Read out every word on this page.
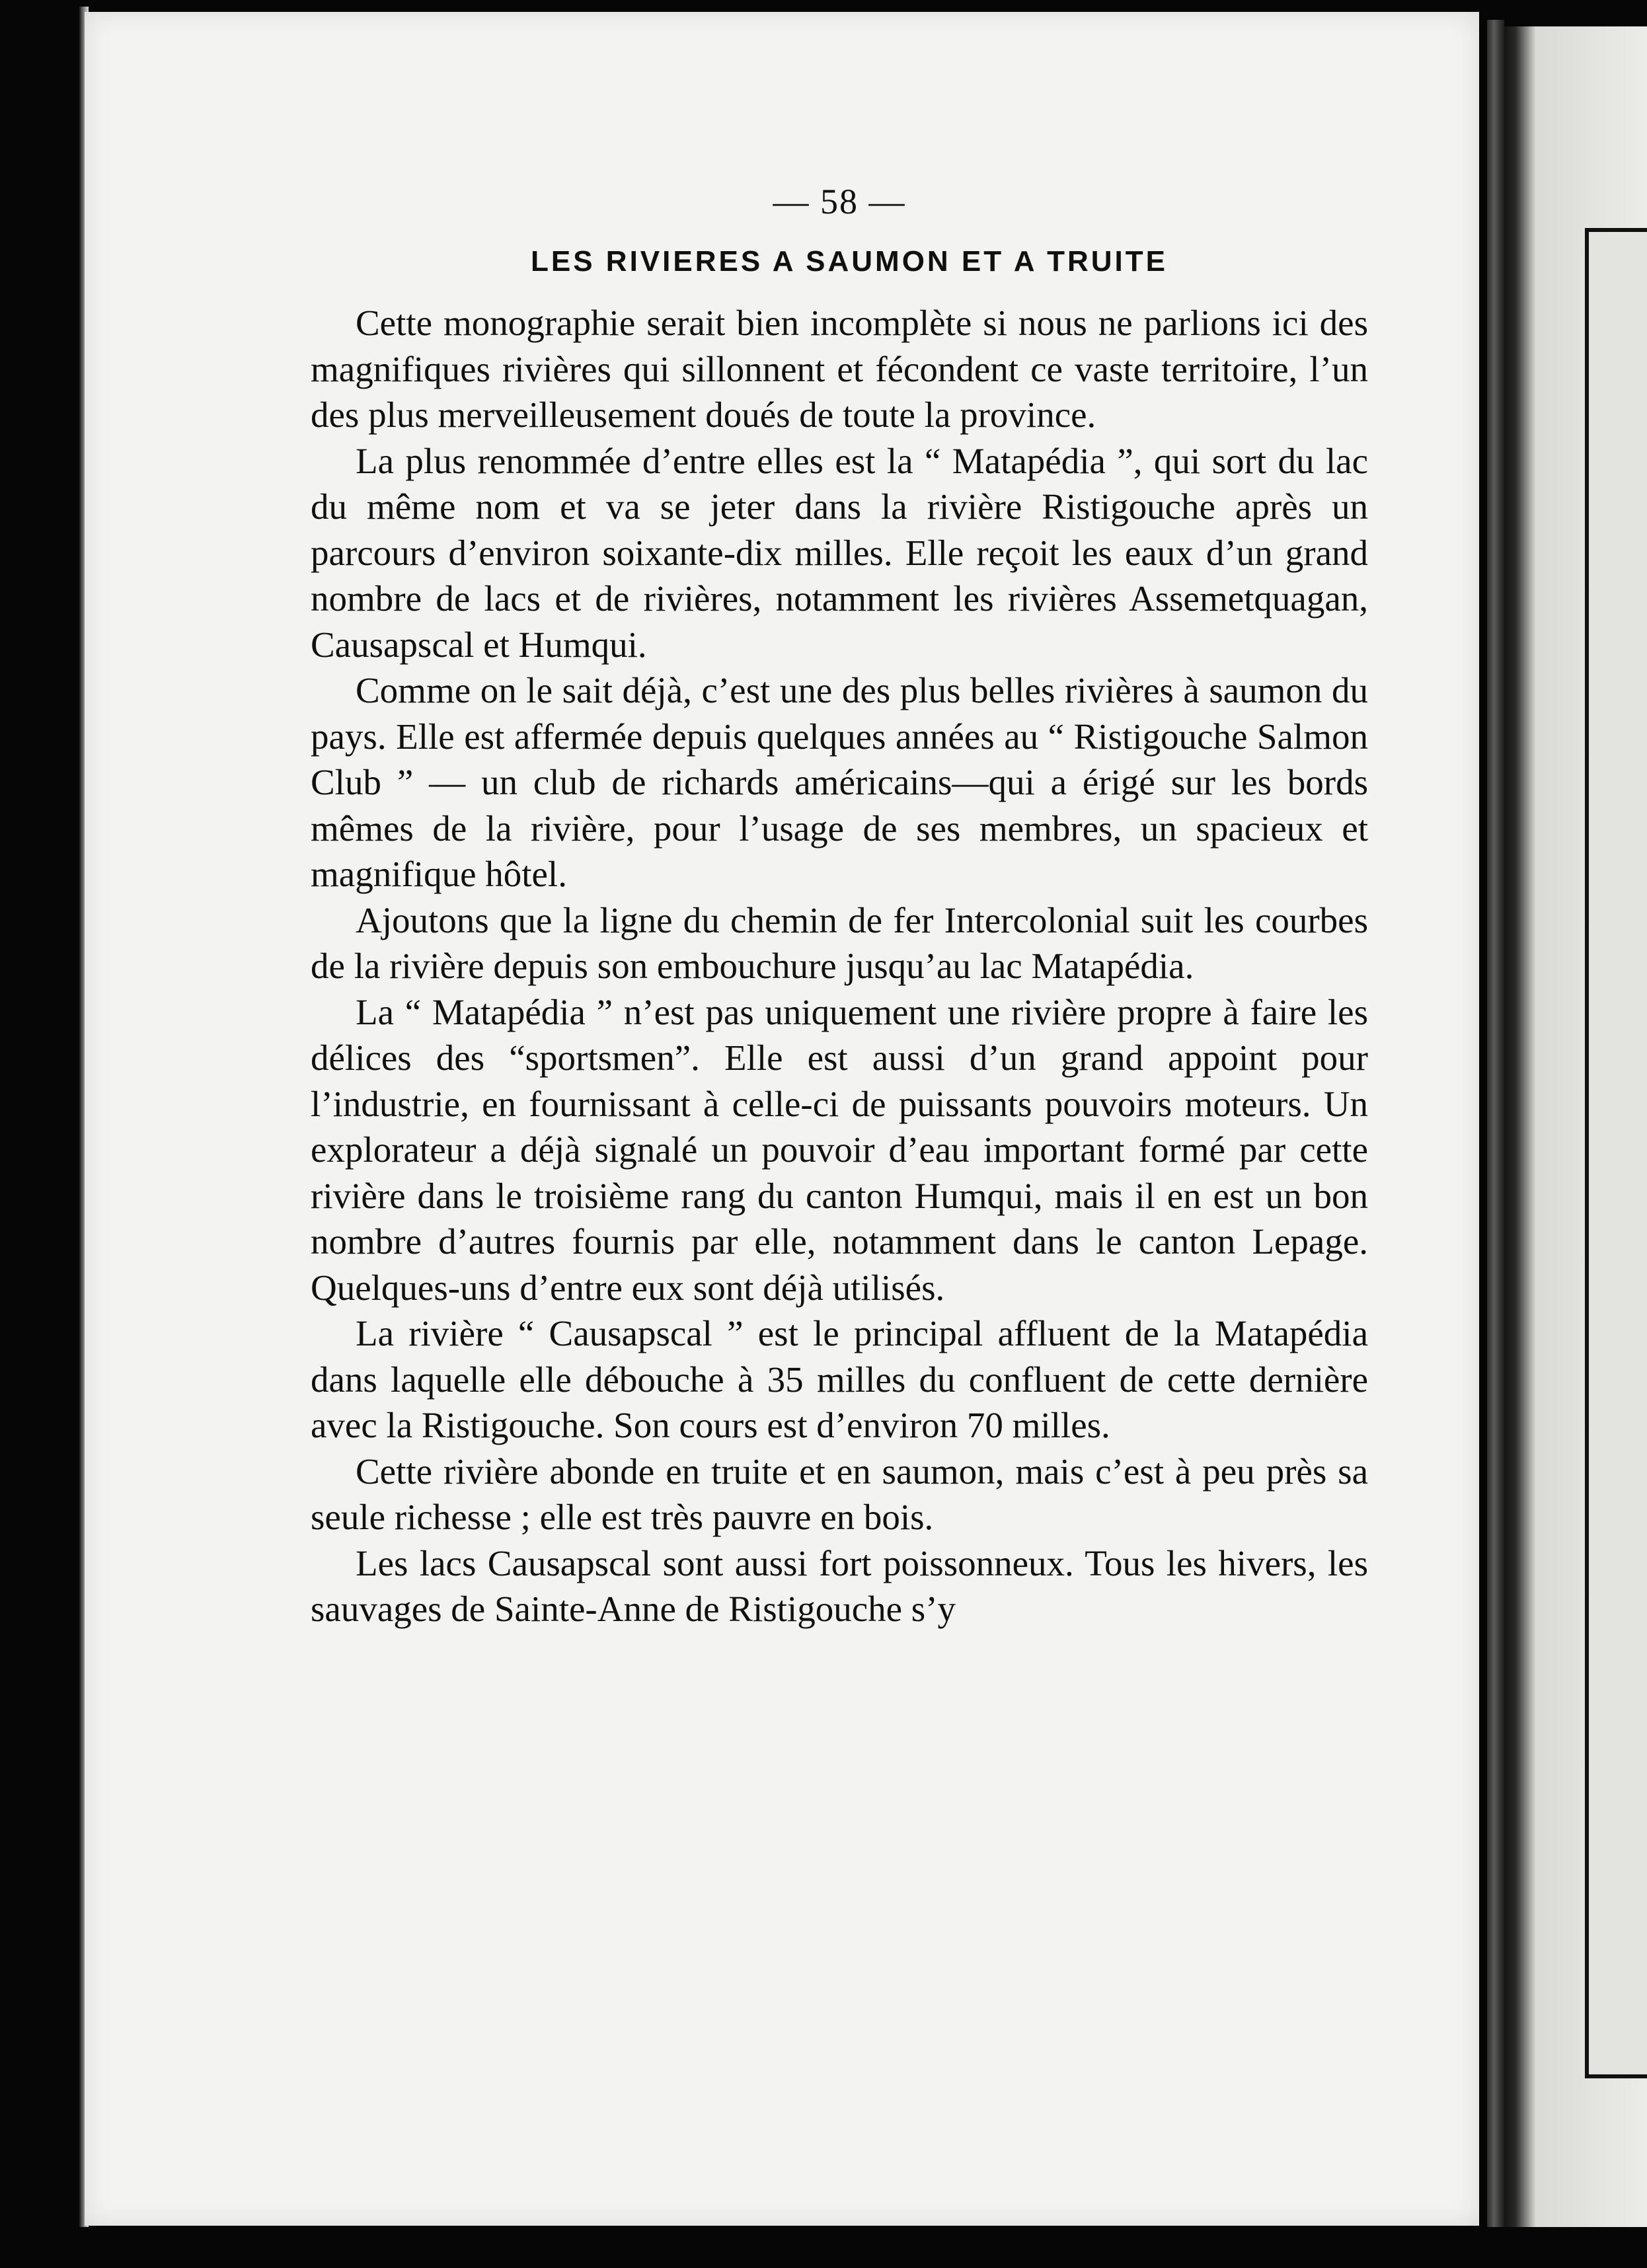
— 58 —
LES RIVIERES A SAUMON ET A TRUITE

Cette monographie serait bien incomplète si nous ne parlions ici des magnifiques rivières qui sillonnent et fécondent ce vaste territoire, l’un des plus merveilleusement doués de toute la province.

La plus renommée d’entre elles est la “ Matapédia ”, qui sort du lac du même nom et va se jeter dans la rivière Ristigouche après un parcours d’environ soixante-dix milles. Elle reçoit les eaux d’un grand nombre de lacs et de rivières, notamment les rivières Assemetquagan, Causapscal et Humqui.

Comme on le sait déjà, c’est une des plus belles rivières à saumon du pays. Elle est affermée depuis quelques années au “ Ristigouche Salmon Club ” — un club de richards américains—qui a érigé sur les bords mêmes de la rivière, pour l’usage de ses membres, un spacieux et magnifique hôtel.

Ajoutons que la ligne du chemin de fer Intercolonial suit les courbes de la rivière depuis son embouchure jusqu’au lac Matapédia.

La “ Matapédia ” n’est pas uniquement une rivière propre à faire les délices des “sportsmen”. Elle est aussi d’un grand appoint pour l’industrie, en fournissant à celle-ci de puissants pouvoirs moteurs. Un explorateur a déjà signalé un pouvoir d’eau important formé par cette rivière dans le troisième rang du canton Humqui, mais il en est un bon nombre d’autres fournis par elle, notamment dans le canton Lepage. Quelques-uns d’entre eux sont déjà utilisés.

La rivière “ Causapscal ” est le principal affluent de la Matapédia dans laquelle elle débouche à 35 milles du confluent de cette dernière avec la Ristigouche. Son cours est d’environ 70 milles.

Cette rivière abonde en truite et en saumon, mais c’est à peu près sa seule richesse ; elle est très pauvre en bois.

Les lacs Causapscal sont aussi fort poissonneux. Tous les hivers, les sauvages de Sainte-Anne de Ristigouche s’y
